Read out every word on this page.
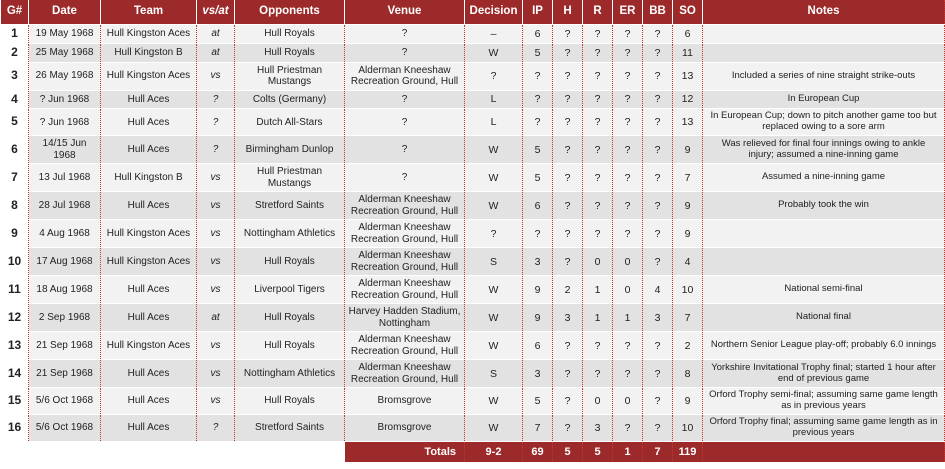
G#	Date	Team	vs/at	Opponents	Venue	Decision	IP	H	R	ER	BB	SO	Notes
1	19 May 1968	Hull Kingston Aces	at	Hull Royals	?	–	6	?	?	?	?	6	
2	25 May 1968	Hull Kingston B	at	Hull Royals	?	W	5	?	?	?	?	11	
3	26 May 1968	Hull Kingston Aces	vs	Hull Priestman Mustangs	Alderman Kneeshaw Recreation Ground, Hull	?	?	?	?	?	?	13	Included a series of nine straight strike-outs
4	? Jun 1968	Hull Aces	?	Colts (Germany)	?	L	?	?	?	?	?	12	In European Cup
5	? Jun 1968	Hull Aces	?	Dutch All-Stars	?	L	?	?	?	?	?	13	In European Cup; down to pitch another game too but replaced owing to a sore arm
6	14/15 Jun 1968	Hull Aces	?	Birmingham Dunlop	?	W	5	?	?	?	?	9	Was relieved for final four innings owing to ankle injury; assumed a nine-inning game
7	13 Jul 1968	Hull Kingston B	vs	Hull Priestman Mustangs	?	W	5	?	?	?	?	7	Assumed a nine-inning game
8	28 Jul 1968	Hull Aces	vs	Stretford Saints	Alderman Kneeshaw Recreation Ground, Hull	W	6	?	?	?	?	9	Probably took the win
9	4 Aug 1968	Hull Kingston Aces	vs	Nottingham Athletics	Alderman Kneeshaw Recreation Ground, Hull	?	?	?	?	?	?	9	
10	17 Aug 1968	Hull Kingston Aces	vs	Hull Royals	Alderman Kneeshaw Recreation Ground, Hull	S	3	?	0	0	?	4	
11	18 Aug 1968	Hull Aces	vs	Liverpool Tigers	Alderman Kneeshaw Recreation Ground, Hull	W	9	2	1	0	4	10	National semi-final
12	2 Sep 1968	Hull Aces	at	Hull Royals	Harvey Hadden Stadium, Nottingham	W	9	3	1	1	3	7	National final
13	21 Sep 1968	Hull Kingston Aces	vs	Hull Royals	Alderman Kneeshaw Recreation Ground, Hull	W	6	?	?	?	?	2	Northern Senior League play-off; probably 6.0 innings
14	21 Sep 1968	Hull Aces	vs	Nottingham Athletics	Alderman Kneeshaw Recreation Ground, Hull	S	3	?	?	?	?	8	Yorkshire Invitational Trophy final; started 1 hour after end of previous game
15	5/6 Oct 1968	Hull Aces	vs	Hull Royals	Bromsgrove	W	5	?	0	0	?	9	Orford Trophy semi-final; assuming same game length as in previous years
16	5/6 Oct 1968	Hull Aces	?	Stretford Saints	Bromsgrove	W	7	?	3	?	?	10	Orford Trophy final; assuming same game length as in previous years
					Totals	9-2	69	5	5	1	7	119	
